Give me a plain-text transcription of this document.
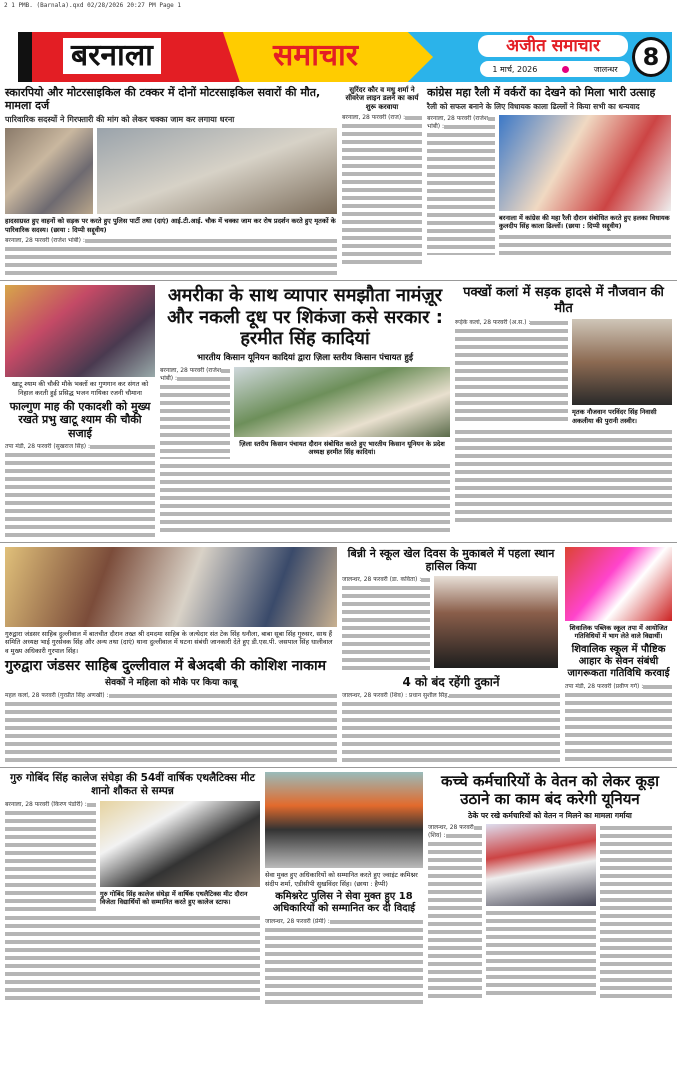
2 1 PMB. (Barnala).qxd 02/28/2026 20:27 PM Page 1
बरनाला	समाचार	अजीत समाचार
1 मार्च, 2026	जालन्धर	8
स्कारपियो और मोटरसाइकिल की टक्कर में दोनों मोटरसाइकिल सवारों की मौत, मामला दर्ज
पारिवारिक सदस्यों ने गिरफ्तारी की मांग को लेकर चक्का जाम कर लगाया धरना
हादसाग्रस्त हुए वाहनों को सड़क पर करते हुए पुलिस पार्टी तथा (दाएं) आई.टी.आई. चौक में चक्का जाम कर रोष प्रदर्शन करते हुए मृतकों के पारिवारिक सदस्य। (छाया : दिप्पी सद्दूवीय)
बरनाला, 28 फरवरी (राजेश भांबी) :
सुरिंदर कौर व मधु शर्मा ने सीवरेज लाइन डलने का कार्य शुरू करवाया
बरनाला, 28 फरवरी (राज) :
कांग्रेस महा रैली में वर्करों का देखने को मिला भारी उत्साह
रैली को सफल बनाने के लिए विधायक काला ढिल्लों ने किया सभी का धन्यवाद
बरनाला, 28 फरवरी (राजेश भांबी) :
बरनाला में कांग्रेस की महा रैली दौरान संबोधित करते हुए हलका विधायक कुलदीप सिंह काला ढिल्लों। (छाया : दिप्पी सद्दूवीय)
खाटू श्याम की चौकी मौके भक्तों का गुणगान कर संगत को निहाल करती हुई प्रसिद्ध भजन गायिका रजनी चौमाना
फाल्गुण माह की एकादशी को मुख्य रखते प्रभु खाटू श्याम की चौकी सजाई
तपा मंडी, 28 फरवरी (सुखराज सिंह) :
अमरीका के साथ व्यापार समझौता नामंज़ूर और नकली दूध पर शिकंजा कसे सरकार : हरमीत सिंह कादियां
भारतीय किसान यूनियन कादियां द्वारा ज़िला स्तरीय किसान पंचायत हुई
बरनाला, 28 फरवरी (राजेश भांबी) :
ज़िला स्तरीय किसान पंचायत दौरान संबोधित करते हुए भारतीय किसान यूनियन के प्रदेश अध्यक्ष हरमीत सिंह कादियां।
पक्खों कलां में सड़क हादसे में नौजवान की मौत
रूड़ेके कलां, 28 फरवरी (अ.स.) :
मृतक नौजवान परविंदर सिंह निवासी अकलीया की पुरानी तस्वीर।
गुरुद्वारा जंडसर साहिब दुल्लीवाल में बातचीत दौरान तख्त श्री दमदमा साहिब के जत्थेदार संत टेक सिंह धनौला, बाबा सूबा सिंह गुरुसर, साथ हैं समिति अध्यक्ष भाई गुरसेवक सिंह और अन्य तथा (दाएं) थाना दुल्लीवाल में घटना संबंधी जानकारी देते हुए डी.एस.पी. जसपाल सिंह धालीवाल व मुख्य अधिकारी गुरपाल सिंह।
गुरुद्वारा जंडसर साहिब दुल्लीवाल में बेअदबी की कोशिश नाकाम
सेवकों ने महिला को मौके पर किया काबू
महल कलां, 28 फरवरी (गुरप्रीत सिंह अणखी) :
बिन्नी ने स्कूल खेल दिवस के मुकाबले में पहला स्थान हासिल किया
जालन्धर, 28 फरवरी (डा. कविता) :
4 को बंद रहेंगी दुकानें
जालन्धर, 28 फरवरी (शिव) : प्रधान सुशील सिंह,
शिवालिक पब्लिक स्कूल तपा में आयोजित गतिविधियों में भाग लेते वाले विद्यार्थी।
शिवालिक स्कूल में पौष्टिक आहार के सेवन संबंधी जागरूकता गतिविधि करवाई
तपा मंडी, 28 फरवरी (प्रवीण गर्ग) :
गुरु गोबिंद सिंह कालेज संघेड़ा की 54वीं वार्षिक एथलैटिक्स मीट शानो शौकत से सम्पन्न
बरनाला, 28 फरवरी (किरण पंडोरी) :
गुरु गोबिंद सिंह कालेज संघेड़ा में वार्षिक एथलैटिक्स मीट दौरान विजेता विद्यार्थियों को सम्मानित करते हुए कालेज स्टाफ।
सेवा मुक्त हुए अधिकारियों को सम्मानित करते हुए ज्वाइंट कमिश्नर संदीप शर्मा, एडीसीपी सुखविंदर सिंह। (छाया : हैप्पी)
कमिश्नरेट पुलिस ने सेवा मुक्त हुए 18 अधिकारियों को सम्मानित कर दी विदाई
जालन्धर, 28 फरवरी (प्रेमी) :
कच्चे कर्मचारियों के वेतन को लेकर कूड़ा उठाने का काम बंद करेगी यूनियन
ठेके पर रखे कर्मचारियों को वेतन न मिलने का मामला गर्माया
जालन्धर, 28 फरवरी (शिव) :
